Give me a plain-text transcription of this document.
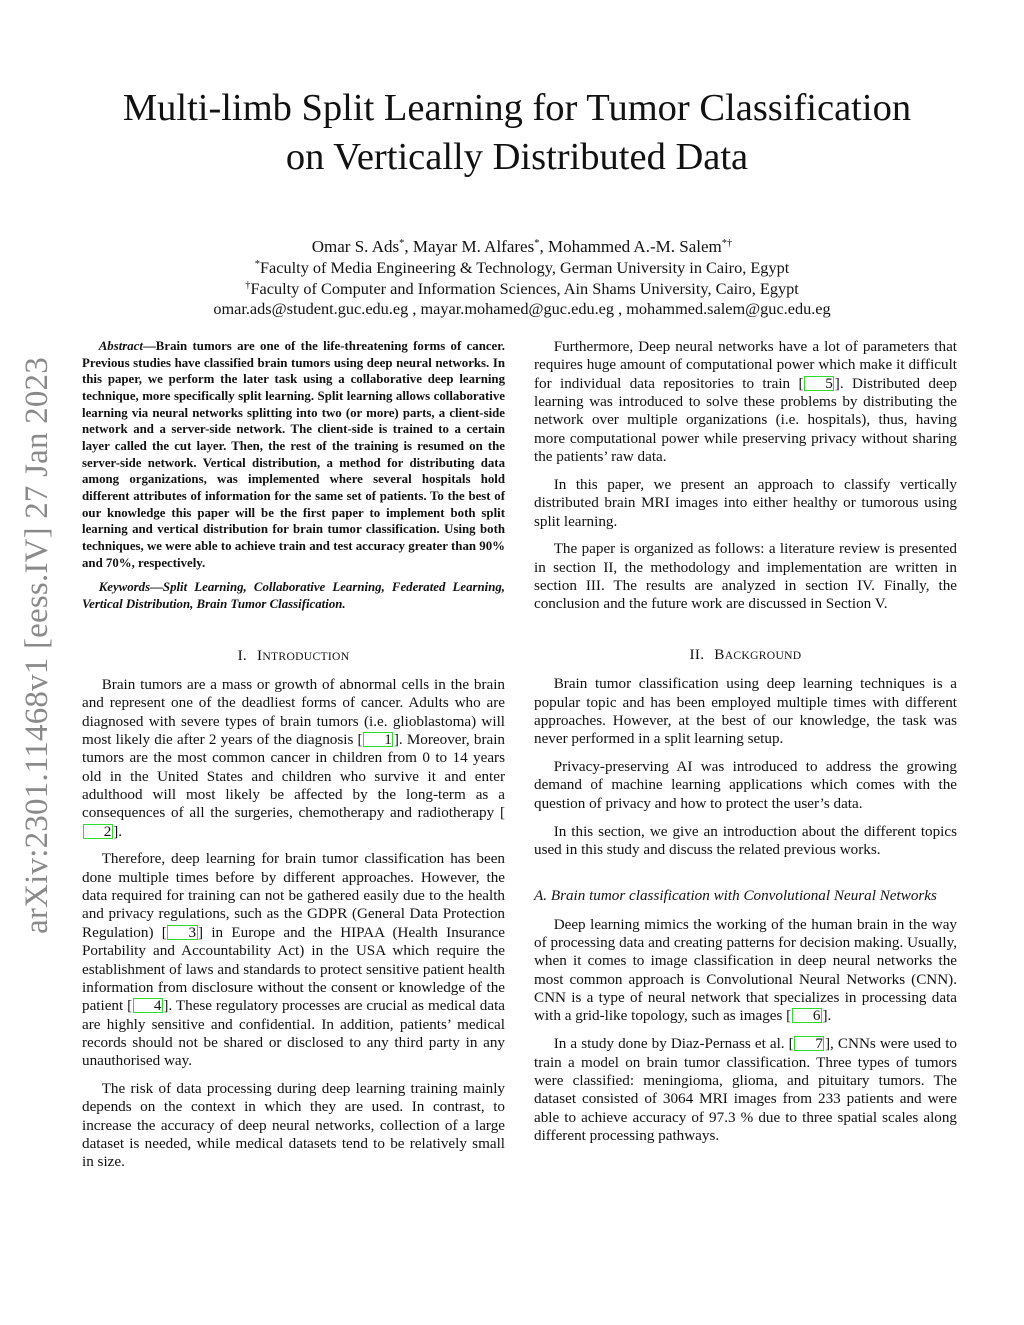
arXiv:2301.11468v1 [eess.IV] 27 Jan 2023
Multi-limb Split Learning for Tumor Classification
on Vertically Distributed Data
Omar S. Ads*, Mayar M. Alfares*, Mohammed A.-M. Salem*†
*Faculty of Media Engineering & Technology, German University in Cairo, Egypt
†Faculty of Computer and Information Sciences, Ain Shams University, Cairo, Egypt
omar.ads@student.guc.edu.eg , mayar.mohamed@guc.edu.eg , mohammed.salem@guc.edu.eg

Abstract—Brain tumors are one of the life-threatening forms of cancer. Previous studies have classified brain tumors using deep neural networks. In this paper, we perform the later task using a collaborative deep learning technique, more specifically split learning. Split learning allows collaborative learning via neural networks splitting into two (or more) parts, a client-side network and a server-side network. The client-side is trained to a certain layer called the cut layer. Then, the rest of the training is resumed on the server-side network. Vertical distribution, a method for distributing data among organizations, was implemented where several hospitals hold different attributes of information for the same set of patients. To the best of our knowledge this paper will be the first paper to implement both split learning and vertical distribution for brain tumor classification. Using both techniques, we were able to achieve train and test accuracy greater than 90% and 70%, respectively.

Keywords—Split Learning, Collaborative Learning, Federated Learning, Vertical Distribution, Brain Tumor Classification.

I. INTRODUCTION

Brain tumors are a mass or growth of abnormal cells in the brain and represent one of the deadliest forms of cancer. Adults who are diagnosed with severe types of brain tumors (i.e. glioblastoma) will most likely die after 2 years of the diagnosis [ 1 ]. Moreover, brain tumors are the most common cancer in children from 0 to 14 years old in the United States and children who survive it and enter adulthood will most likely be affected by the long-term as a consequences of all the surgeries, chemotherapy and radiotherapy [2 ].

Therefore, deep learning for brain tumor classification has been done multiple times before by different approaches. However, the data required for training can not be gathered easily due to the health and privacy regulations, such as the GDPR (General Data Protection Regulation) [ 3 ] in Europe and the HIPAA (Health Insurance Portability and Accountability Act) in the USA which require the establishment of laws and standards to protect sensitive patient health information from disclosure without the consent or knowledge of the patient [ 4 ]. These regulatory processes are crucial as medical data are highly sensitive and confidential. In addition, patients’ medical records should not be shared or disclosed to any third party in any unauthorised way.

The risk of data processing during deep learning training mainly depends on the context in which they are used. In contrast, to increase the accuracy of deep neural networks, collection of a large dataset is needed, while medical datasets tend to be relatively small in size.

Furthermore, Deep neural networks have a lot of parameters that requires huge amount of computational power which make it difficult for individual data repositories to train [ 5 ]. Distributed deep learning was introduced to solve these problems by distributing the network over multiple organizations (i.e. hospitals), thus, having more computational power while preserving privacy without sharing the patients’ raw data.

In this paper, we present an approach to classify vertically distributed brain MRI images into either healthy or tumorous using split learning.

The paper is organized as follows: a literature review is presented in section II, the methodology and implementation are written in section III. The results are analyzed in section IV. Finally, the conclusion and the future work are discussed in Section V.

II. BACKGROUND

Brain tumor classification using deep learning techniques is a popular topic and has been employed multiple times with different approaches. However, at the best of our knowledge, the task was never performed in a split learning setup.

Privacy-preserving AI was introduced to address the growing demand of machine learning applications which comes with the question of privacy and how to protect the user’s data.

In this section, we give an introduction about the different topics used in this study and discuss the related previous works.

A. Brain tumor classification with Convolutional Neural Networks

Deep learning mimics the working of the human brain in the way of processing data and creating patterns for decision making. Usually, when it comes to image classification in deep neural networks the most common approach is Convolutional Neural Networks (CNN). CNN is a type of neural network that specializes in processing data with a grid-like topology, such as images [ 6 ].

In a study done by Diaz-Pernass et al. [ 7 ], CNNs were used to train a model on brain tumor classification. Three types of tumors were classified: meningioma, glioma, and pituitary tumors. The dataset consisted of 3064 MRI images from 233 patients and were able to achieve accuracy of 97.3 % due to three spatial scales along different processing pathways.
